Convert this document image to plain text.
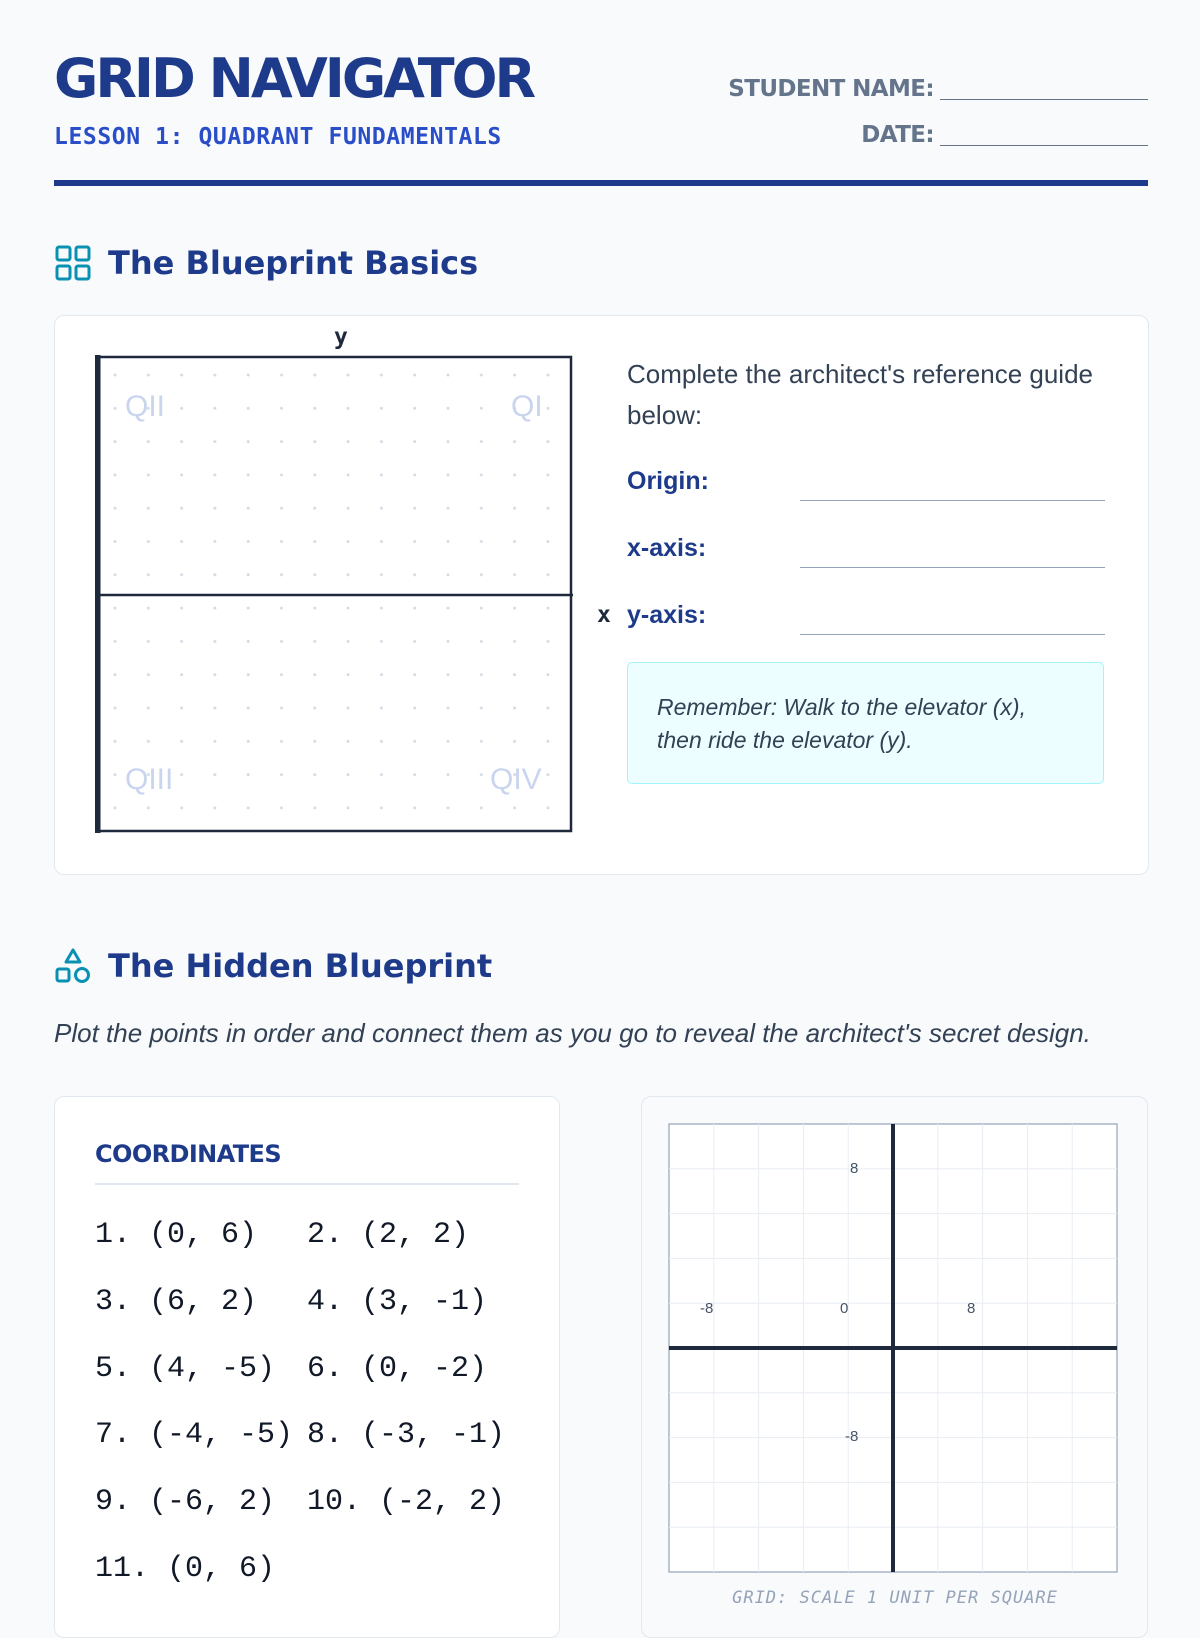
GRID NAVIGATOR
LESSON 1: QUADRANT FUNDAMENTALS
STUDENT NAME:
DATE:
The Blueprint Basics
QII	QI
QIII	QIV
y
x
Complete the architect's reference guide below:
Origin:
x-axis:
y-axis:
Remember: Walk to the elevator (x), then ride the elevator (y).
The Hidden Blueprint
Plot the points in order and connect them as you go to reveal the architect's secret design.
COORDINATES
1. (0, 6) 2. (2, 2)
3. (6, 2) 4. (3, -1)
5. (4, -5) 6. (0, -2)
7. (-4, -5) 8. (-3, -1)
9. (-6, 2) 10. (-2, 2)
11. (0, 6)
8
-8	0	8
-8
GRID: SCALE 1 UNIT PER SQUARE
